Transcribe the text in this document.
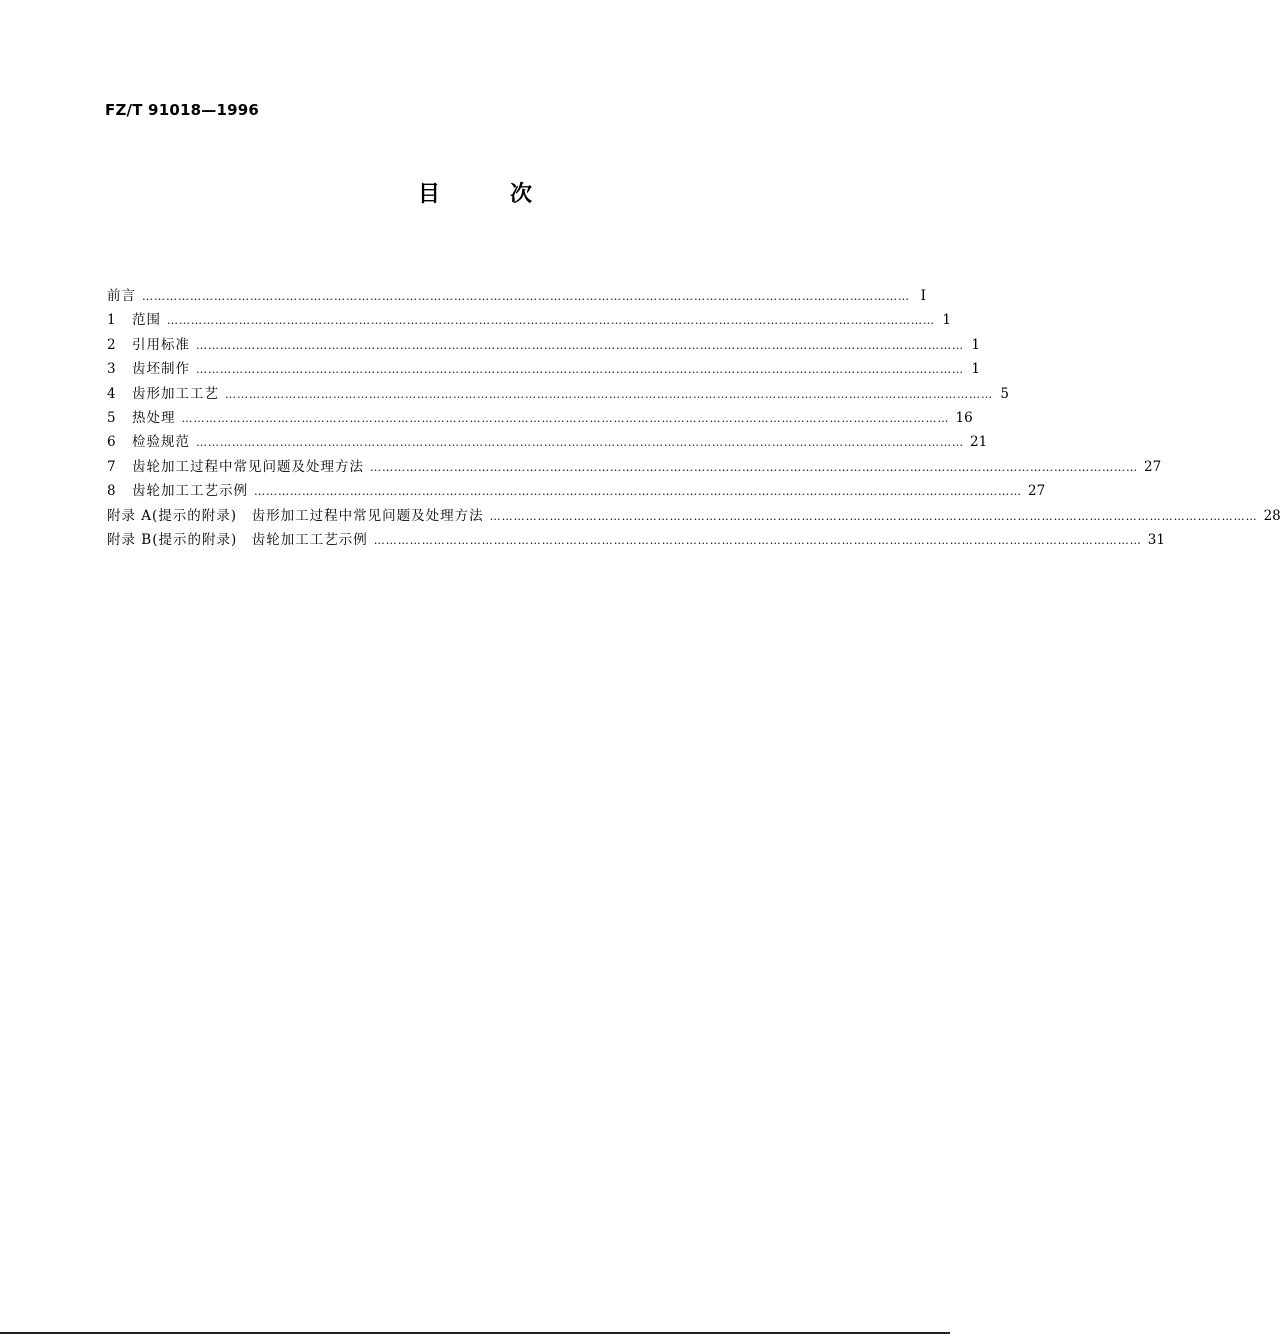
FZ/T 91018—1996
目	次
前言 ………………………………………………………………………………………………………………………………………………………………………… I
1	范围 ………………………………………………………………………………………………………………………………………………………………………… 1
2	引用标准 ………………………………………………………………………………………………………………………………………………………………………… 1
3	齿坯制作 ………………………………………………………………………………………………………………………………………………………………………… 1
4	齿形加工工艺 ………………………………………………………………………………………………………………………………………………………………………… 5
5	热处理 ………………………………………………………………………………………………………………………………………………………………………… 16
6	检验规范 ………………………………………………………………………………………………………………………………………………………………………… 21
7	齿轮加工过程中常见问题及处理方法 ………………………………………………………………………………………………………………………………………………………………………… 27
8	齿轮加工工艺示例 ………………………………………………………………………………………………………………………………………………………………………… 27
附录 A(提示的附录)　齿形加工过程中常见问题及处理方法 ………………………………………………………………………………………………………………………………………………………………………… 28
附录 B(提示的附录)　齿轮加工工艺示例 ………………………………………………………………………………………………………………………………………………………………………… 31
